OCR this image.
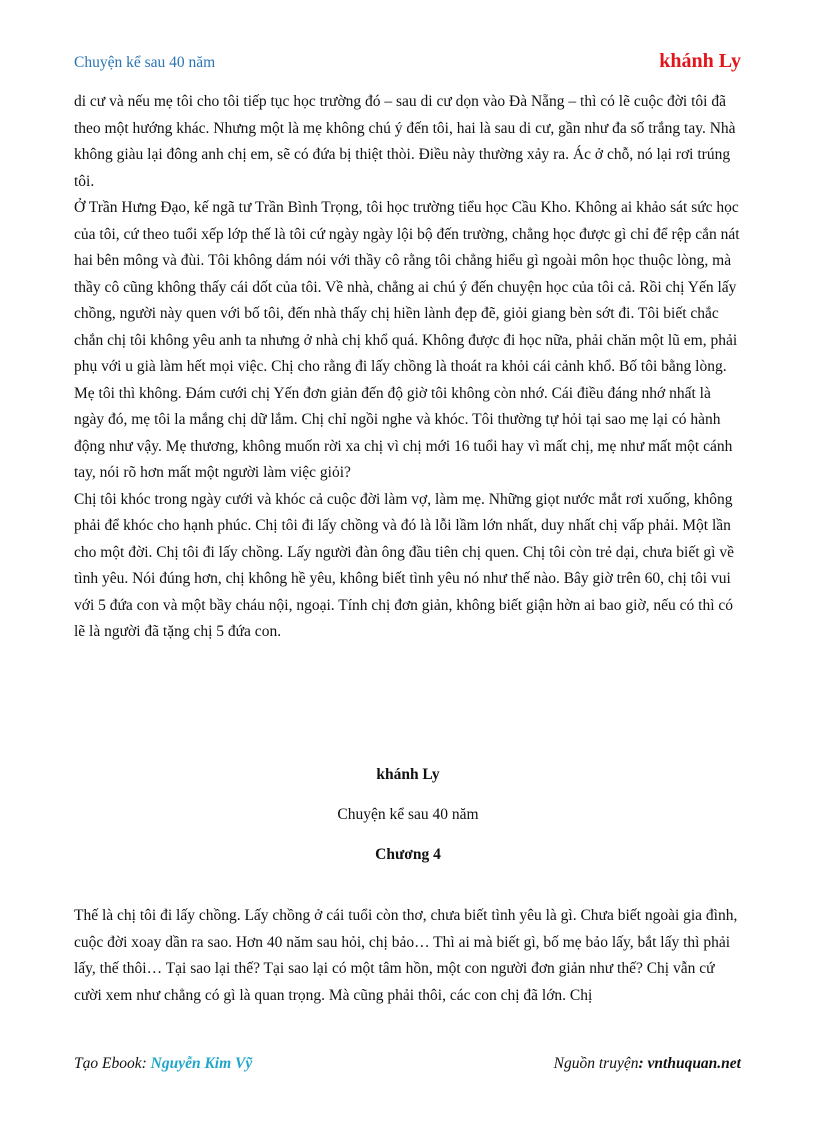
Chuyện kể sau 40 năm	khánh Ly

di cư và nếu mẹ tôi cho tôi tiếp tục học trường đó – sau di cư dọn vào Đà Nẵng – thì có lẽ cuộc đời tôi đã theo một hướng khác. Nhưng một là mẹ không chú ý đến tôi, hai là sau di cư, gần như đa số trắng tay. Nhà không giàu lại đông anh chị em, sẽ có đứa bị thiệt thòi. Điều này thường xảy ra. Ác ở chỗ, nó lại rơi trúng tôi.

Ở Trần Hưng Đạo, kế ngã tư Trần Bình Trọng, tôi học trường tiểu học Cầu Kho. Không ai khảo sát sức học của tôi, cứ theo tuổi xếp lớp thế là tôi cứ ngày ngày lội bộ đến trường, chẳng học được gì chỉ để rệp cắn nát hai bên mông và đùi. Tôi không dám nói với thầy cô rằng tôi chẳng hiểu gì ngoài môn học thuộc lòng, mà thầy cô cũng không thấy cái dốt của tôi. Về nhà, chẳng ai chú ý đến chuyện học của tôi cả. Rồi chị Yến lấy chồng, người này quen với bố tôi, đến nhà thấy chị hiền lành đẹp đẽ, giỏi giang bèn sớt đi. Tôi biết chắc chắn chị tôi không yêu anh ta nhưng ở nhà chị khổ quá. Không được đi học nữa, phải chăn một lũ em, phải phụ với u già làm hết mọi việc. Chị cho rằng đi lấy chồng là thoát ra khỏi cái cảnh khổ. Bố tôi bằng lòng. Mẹ tôi thì không. Đám cưới chị Yến đơn giản đến độ giờ tôi không còn nhớ. Cái điều đáng nhớ nhất là ngày đó, mẹ tôi la mắng chị dữ lắm. Chị chỉ ngồi nghe và khóc. Tôi thường tự hỏi tại sao mẹ lại có hành động như vậy. Mẹ thương, không muốn rời xa chị vì chị mới 16 tuổi hay vì mất chị, mẹ như mất một cánh tay, nói rõ hơn mất một người làm việc giỏi?

Chị tôi khóc trong ngày cưới và khóc cả cuộc đời làm vợ, làm mẹ. Những giọt nước mắt rơi xuống, không phải để khóc cho hạnh phúc. Chị tôi đi lấy chồng và đó là lỗi lầm lớn nhất, duy nhất chị vấp phải. Một lần cho một đời. Chị tôi đi lấy chồng. Lấy người đàn ông đầu tiên chị quen. Chị tôi còn trẻ dại, chưa biết gì về tình yêu. Nói đúng hơn, chị không hề yêu, không biết tình yêu nó như thế nào. Bây giờ trên 60, chị tôi vui với 5 đứa con và một bầy cháu nội, ngoại. Tính chị đơn giản, không biết giận hờn ai bao giờ, nếu có thì có lẽ là người đã tặng chị 5 đứa con.

khánh Ly
Chuyện kể sau 40 năm
Chương 4

Thế là chị tôi đi lấy chồng. Lấy chồng ở cái tuổi còn thơ, chưa biết tình yêu là gì. Chưa biết ngoài gia đình, cuộc đời xoay dần ra sao. Hơn 40 năm sau hỏi, chị bảo… Thì ai mà biết gì, bố mẹ bảo lấy, bắt lấy thì phải lấy, thế thôi… Tại sao lại thế? Tại sao lại có một tâm hồn, một con người đơn giản như thế? Chị vẫn cứ cười xem như chẳng có gì là quan trọng. Mà cũng phải thôi, các con chị đã lớn. Chị

Tạo Ebook: Nguyễn Kim Vỹ	Nguồn truyện: vnthuquan.net
